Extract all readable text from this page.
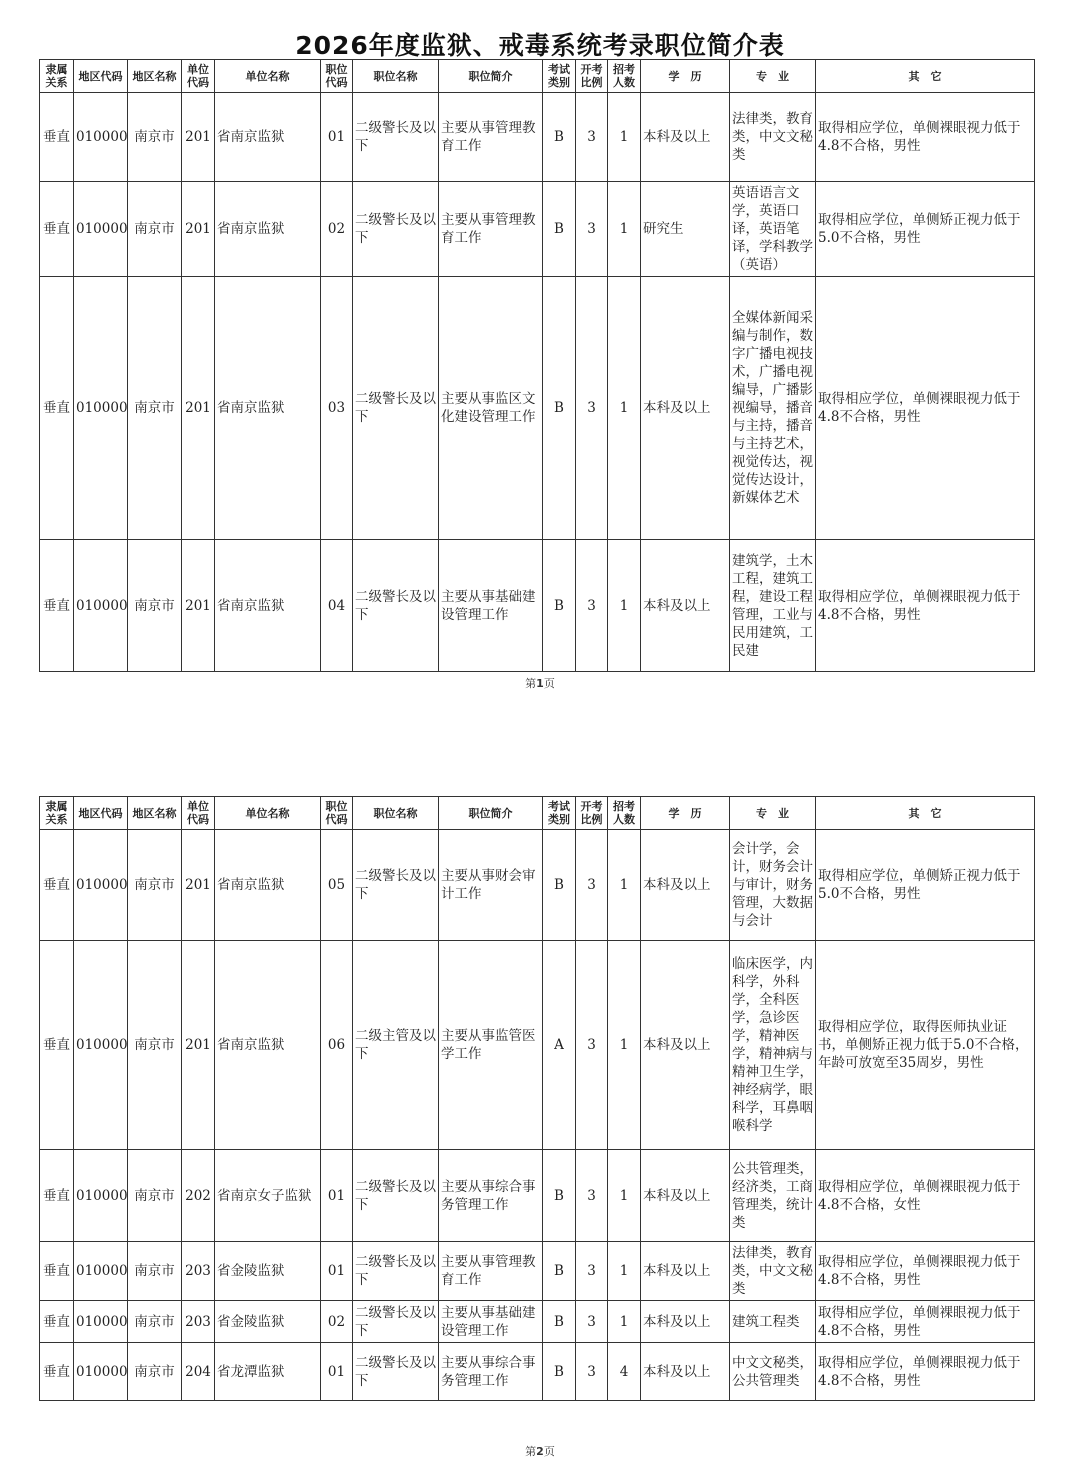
2026年度监狱、戒毒系统考录职位简介表
隶属关系	地区代码	地区名称	单位代码	单位名称	职位代码	职位名称	职位简介	考试类别	开考比例	招考人数	学　历	专　业	其　它
垂直	010000	南京市	201	省南京监狱	01	二级警长及以下	主要从事管理教育工作	B	3	1	本科及以上	法律类，教育类，中文文秘类	取得相应学位，单侧裸眼视力低于4.8不合格，男性
垂直	010000	南京市	201	省南京监狱	02	二级警长及以下	主要从事管理教育工作	B	3	1	研究生	英语语言文学，英语口译，英语笔译，学科教学（英语）	取得相应学位，单侧矫正视力低于5.0不合格，男性
垂直	010000	南京市	201	省南京监狱	03	二级警长及以下	主要从事监区文化建设管理工作	B	3	1	本科及以上	全媒体新闻采编与制作，数字广播电视技术，广播电视编导，广播影视编导，播音与主持，播音与主持艺术，视觉传达，视觉传达设计，新媒体艺术	取得相应学位，单侧裸眼视力低于4.8不合格，男性
垂直	010000	南京市	201	省南京监狱	04	二级警长及以下	主要从事基础建设管理工作	B	3	1	本科及以上	建筑学，土木工程，建筑工程，建设工程管理，工业与民用建筑，工民建	取得相应学位，单侧裸眼视力低于4.8不合格，男性
第1页
隶属关系	地区代码	地区名称	单位代码	单位名称	职位代码	职位名称	职位简介	考试类别	开考比例	招考人数	学　历	专　业	其　它
垂直	010000	南京市	201	省南京监狱	05	二级警长及以下	主要从事财会审计工作	B	3	1	本科及以上	会计学，会计，财务会计与审计，财务管理，大数据与会计	取得相应学位，单侧矫正视力低于5.0不合格，男性
垂直	010000	南京市	201	省南京监狱	06	二级主管及以下	主要从事监管医学工作	A	3	1	本科及以上	临床医学，内科学，外科学，全科医学，急诊医学，精神医学，精神病与精神卫生学，神经病学，眼科学，耳鼻咽喉科学	取得相应学位，取得医师执业证书，单侧矫正视力低于5.0不合格，年龄可放宽至35周岁，男性
垂直	010000	南京市	202	省南京女子监狱	01	二级警长及以下	主要从事综合事务管理工作	B	3	1	本科及以上	公共管理类，经济类，工商管理类，统计类	取得相应学位，单侧裸眼视力低于4.8不合格，女性
垂直	010000	南京市	203	省金陵监狱	01	二级警长及以下	主要从事管理教育工作	B	3	1	本科及以上	法律类，教育类，中文文秘类	取得相应学位，单侧裸眼视力低于4.8不合格，男性
垂直	010000	南京市	203	省金陵监狱	02	二级警长及以下	主要从事基础建设管理工作	B	3	1	本科及以上	建筑工程类	取得相应学位，单侧裸眼视力低于4.8不合格，男性
垂直	010000	南京市	204	省龙潭监狱	01	二级警长及以下	主要从事综合事务管理工作	B	3	4	本科及以上	中文文秘类，公共管理类	取得相应学位，单侧裸眼视力低于4.8不合格，男性
第2页
